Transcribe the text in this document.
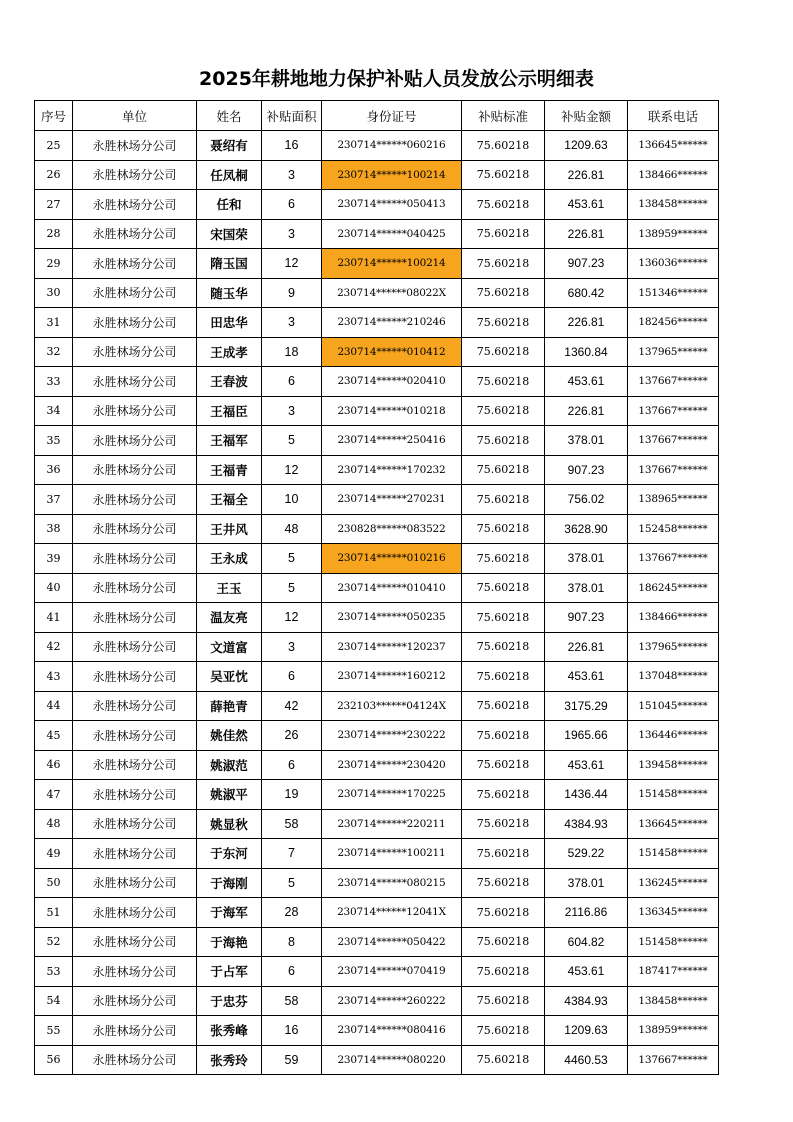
2025年耕地地力保护补贴人员发放公示明细表
序号	单位	姓名	补贴面积	身份证号	补贴标准	补贴金额	联系电话
25	永胜林场分公司	聂绍有	16	230714******060216	75.60218	1209.63	136645******
26	永胜林场分公司	任凤桐	3	230714******100214	75.60218	226.81	138466******
27	永胜林场分公司	任和	6	230714******050413	75.60218	453.61	138458******
28	永胜林场分公司	宋国荣	3	230714******040425	75.60218	226.81	138959******
29	永胜林场分公司	隋玉国	12	230714******100214	75.60218	907.23	136036******
30	永胜林场分公司	随玉华	9	230714******08022X	75.60218	680.42	151346******
31	永胜林场分公司	田忠华	3	230714******210246	75.60218	226.81	182456******
32	永胜林场分公司	王成孝	18	230714******010412	75.60218	1360.84	137965******
33	永胜林场分公司	王春波	6	230714******020410	75.60218	453.61	137667******
34	永胜林场分公司	王福臣	3	230714******010218	75.60218	226.81	137667******
35	永胜林场分公司	王福军	5	230714******250416	75.60218	378.01	137667******
36	永胜林场分公司	王福青	12	230714******170232	75.60218	907.23	137667******
37	永胜林场分公司	王福全	10	230714******270231	75.60218	756.02	138965******
38	永胜林场分公司	王井风	48	230828******083522	75.60218	3628.90	152458******
39	永胜林场分公司	王永成	5	230714******010216	75.60218	378.01	137667******
40	永胜林场分公司	王玉	5	230714******010410	75.60218	378.01	186245******
41	永胜林场分公司	温友亮	12	230714******050235	75.60218	907.23	138466******
42	永胜林场分公司	文道富	3	230714******120237	75.60218	226.81	137965******
43	永胜林场分公司	吴亚忱	6	230714******160212	75.60218	453.61	137048******
44	永胜林场分公司	薛艳青	42	232103******04124X	75.60218	3175.29	151045******
45	永胜林场分公司	姚佳然	26	230714******230222	75.60218	1965.66	136446******
46	永胜林场分公司	姚淑范	6	230714******230420	75.60218	453.61	139458******
47	永胜林场分公司	姚淑平	19	230714******170225	75.60218	1436.44	151458******
48	永胜林场分公司	姚显秋	58	230714******220211	75.60218	4384.93	136645******
49	永胜林场分公司	于东河	7	230714******100211	75.60218	529.22	151458******
50	永胜林场分公司	于海刚	5	230714******080215	75.60218	378.01	136245******
51	永胜林场分公司	于海军	28	230714******12041X	75.60218	2116.86	136345******
52	永胜林场分公司	于海艳	8	230714******050422	75.60218	604.82	151458******
53	永胜林场分公司	于占军	6	230714******070419	75.60218	453.61	187417******
54	永胜林场分公司	于忠芬	58	230714******260222	75.60218	4384.93	138458******
55	永胜林场分公司	张秀峰	16	230714******080416	75.60218	1209.63	138959******
56	永胜林场分公司	张秀玲	59	230714******080220	75.60218	4460.53	137667******
